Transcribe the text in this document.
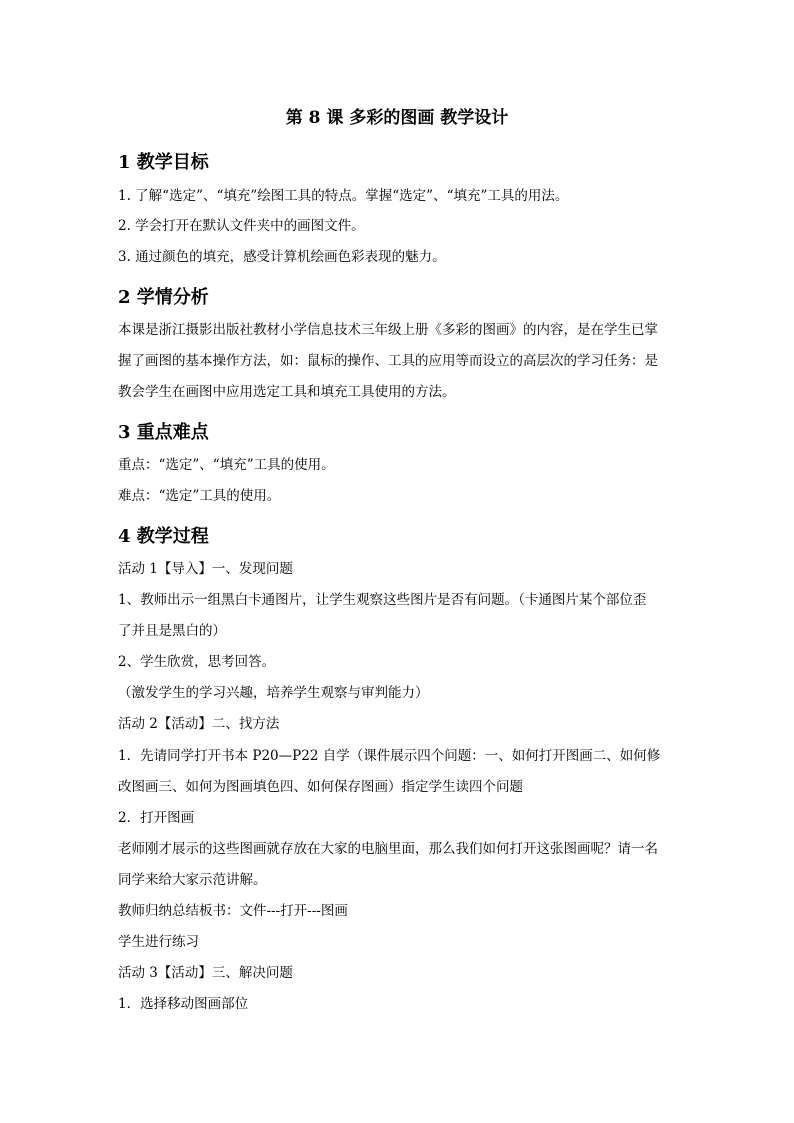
第 8 课 多彩的图画 教学设计
1 教学目标
1. 了解“选定”、“填充”绘图工具的特点。掌握“选定”、“填充”工具的用法。
2. 学会打开在默认文件夹中的画图文件。
3. 通过颜色的填充，感受计算机绘画色彩表现的魅力。
2 学情分析
本课是浙江摄影出版社教材小学信息技术三年级上册《多彩的图画》的内容，是在学生已掌
握了画图的基本操作方法，如：鼠标的操作、工具的应用等而设立的高层次的学习任务：是
教会学生在画图中应用选定工具和填充工具使用的方法。
3 重点难点
重点：“选定”、“填充”工具的使用。
难点：“选定”工具的使用。
4 教学过程
活动 1【导入】一、发现问题
1、教师出示一组黑白卡通图片，让学生观察这些图片是否有问题。（卡通图片某个部位歪
了并且是黑白的）
2、学生欣赏，思考回答。
（激发学生的学习兴趣，培养学生观察与审判能力）
活动 2【活动】二、找方法
1．先请同学打开书本 P20—P22 自学（课件展示四个问题：一、如何打开图画二、如何修
改图画三、如何为图画填色四、如何保存图画）指定学生读四个问题
2．打开图画
老师刚才展示的这些图画就存放在大家的电脑里面，那么我们如何打开这张图画呢？请一名
同学来给大家示范讲解。
教师归纳总结板书：文件---打开---图画
学生进行练习
活动 3【活动】三、解决问题
1．选择移动图画部位
